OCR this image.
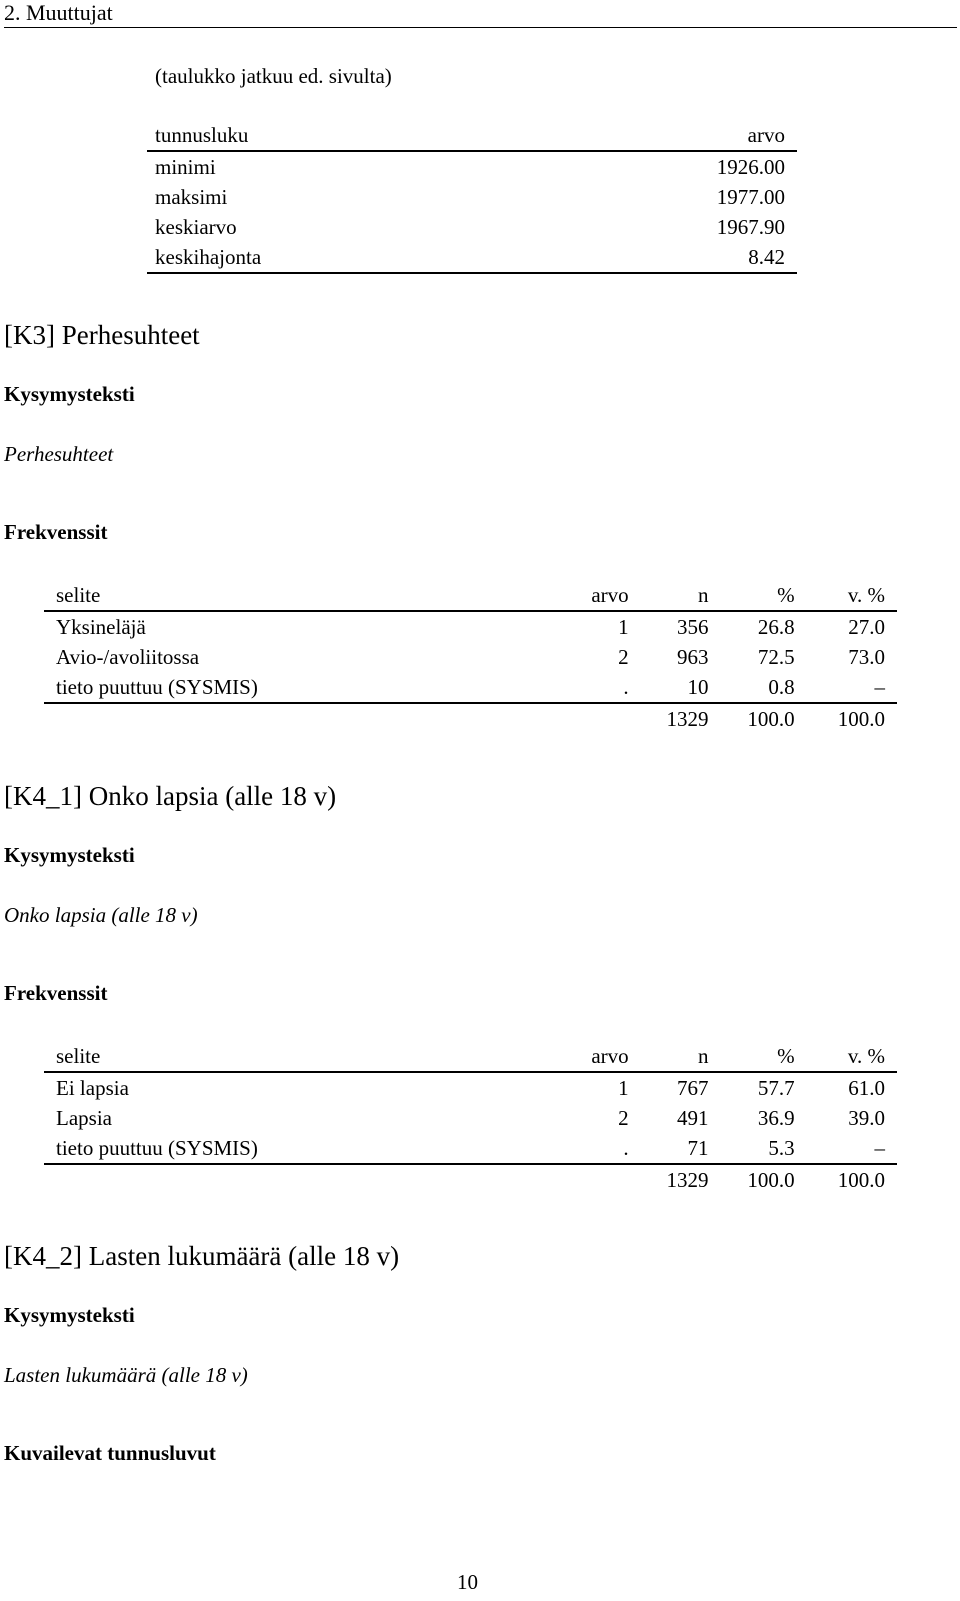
2. Muuttujat
(taulukko jatkuu ed. sivulta)
tunnusluku	arvo
minimi	1926.00
maksimi	1977.00
keskiarvo	1967.90
keskihajonta	8.42
[K3] Perhesuhteet
Kysymysteksti
Perhesuhteet
Frekvenssit
selite	arvo	n	%	v. %
Yksineläjä	1	356	26.8	27.0
Avio-/avoliitossa	2	963	72.5	73.0
tieto puuttuu (SYSMIS)	.	10	0.8	–
		1329	100.0	100.0
[K4_1] Onko lapsia (alle 18 v)
Kysymysteksti
Onko lapsia (alle 18 v)
Frekvenssit
selite	arvo	n	%	v. %
Ei lapsia	1	767	57.7	61.0
Lapsia	2	491	36.9	39.0
tieto puuttuu (SYSMIS)	.	71	5.3	–
		1329	100.0	100.0
[K4_2] Lasten lukumäärä (alle 18 v)
Kysymysteksti
Lasten lukumäärä (alle 18 v)
Kuvailevat tunnusluvut
10
